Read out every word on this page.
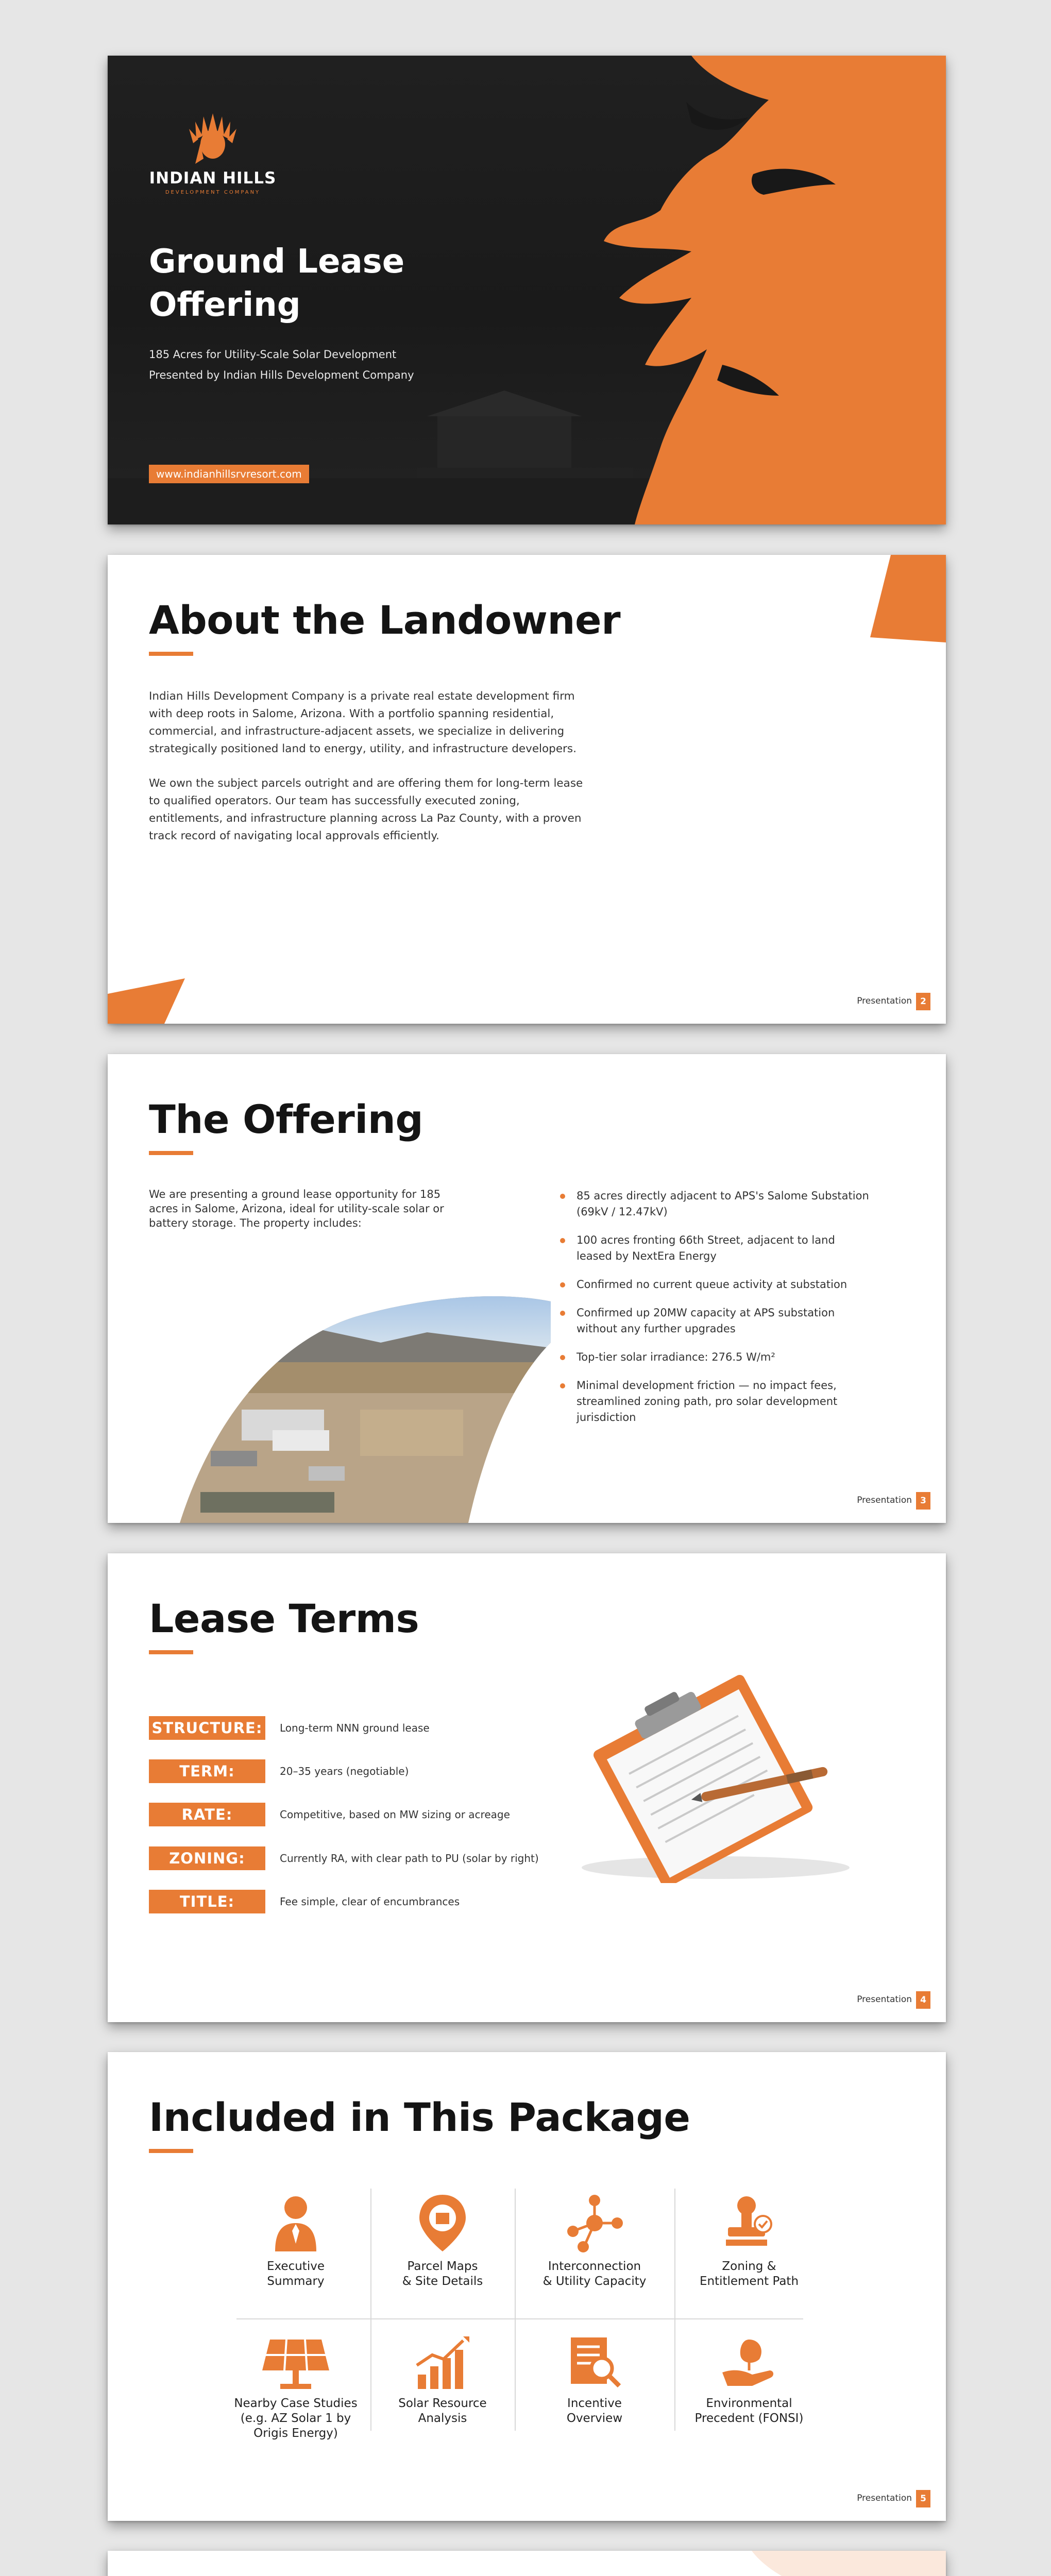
INDIAN HILLS
DEVELOPMENT COMPANY
Ground Lease Offering
185 Acres for Utility-Scale Solar Development
Presented by Indian Hills Development Company
www.indianhillsrvresort.com
About the Landowner

Indian Hills Development Company is a private real estate development firm with deep roots in Salome, Arizona. With a portfolio spanning residential, commercial, and infrastructure-adjacent assets, we specialize in delivering strategically positioned land to energy, utility, and infrastructure developers.

We own the subject parcels outright and are offering them for long-term lease to qualified operators. Our team has successfully executed zoning, entitlements, and infrastructure planning across La Paz County, with a proven track record of navigating local approvals efficiently.

Presentation 2
The Offering

We are presenting a ground lease opportunity for 185 acres in Salome, Arizona, ideal for utility-scale solar or battery storage. The property includes:

85 acres directly adjacent to APS's Salome Substation (69kV / 12.47kV)
100 acres fronting 66th Street, adjacent to land leased by NextEra Energy
Confirmed no current queue activity at substation
Confirmed up 20MW capacity at APS substation without any further upgrades
Top-tier solar irradiance: 276.5 W/m²
Minimal development friction — no impact fees, streamlined zoning path, pro solar development jurisdiction
Presentation 3
Lease Terms
STRUCTURE: Long-term NNN ground lease
TERM:	20–35 years (negotiable)
RATE:	Competitive, based on MW sizing or acreage
ZONING:	Currently RA, with clear path to PU (solar by right)
TITLE:	Fee simple, clear of encumbrances
Presentation 4
Included in This Package
Executive
Summary
Parcel Maps
& Site Details
Interconnection
& Utility Capacity
Zoning &
Entitlement Path
Nearby Case Studies
(e.g. AZ Solar 1 by
Origis Energy)
Solar Resource
Analysis
Incentive
Overview
Environmental
Precedent (FONSI)
Presentation 5
